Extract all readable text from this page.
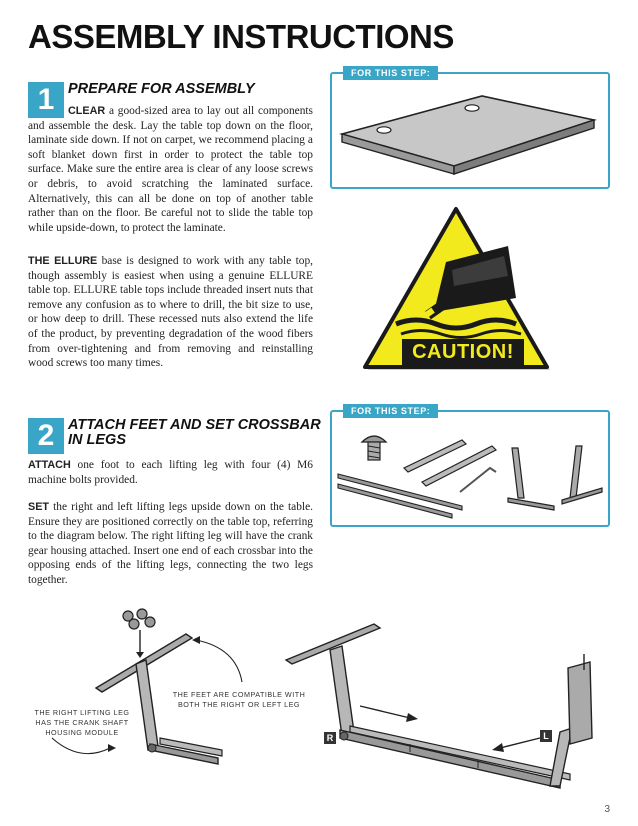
ASSEMBLY INSTRUCTIONS
1 PREPARE FOR ASSEMBLY
CLEAR a good-sized area to lay out all components and assemble the desk. Lay the table top down on the floor, laminate side down. If not on carpet, we recommend placing a soft blanket down first in order to protect the table top surface. Make sure the entire area is clear of any loose screws or debris, to avoid scratching the laminated surface. Alternatively, this can all be done on top of another table rather than on the floor. Be careful not to slide the table top while upside-down, to protect the laminate.
THE ELLURE base is designed to work with any table top, though assembly is easiest when using a genuine ELLURE table top. ELLURE table tops include threaded insert nuts that remove any confusion as to where to drill, the bit size to use, or how deep to drill. These recessed nuts also extend the life of the product, by preventing degradation of the wood fibers from over-tightening and from removing and reinstalling wood screws too many times.
FOR THIS STEP:
CAUTION!
2 ATTACH FEET AND SET CROSSBAR
IN LEGS
ATTACH one foot to each lifting leg with four (4) M6 machine bolts provided.
SET the right and left lifting legs upside down on the table. Ensure they are positioned correctly on the table top, referring to the diagram below. The right lifting leg will have the crank gear housing attached. Insert one end of each crossbar into the opposing ends of the lifting legs, connecting the two legs together.
FOR THIS STEP:
THE RIGHT LIFTING LEG
HAS THE CRANK SHAFT
HOUSING MODULE
THE FEET ARE COMPATIBLE WITH
BOTH THE RIGHT OR LEFT LEG
R	L
3
